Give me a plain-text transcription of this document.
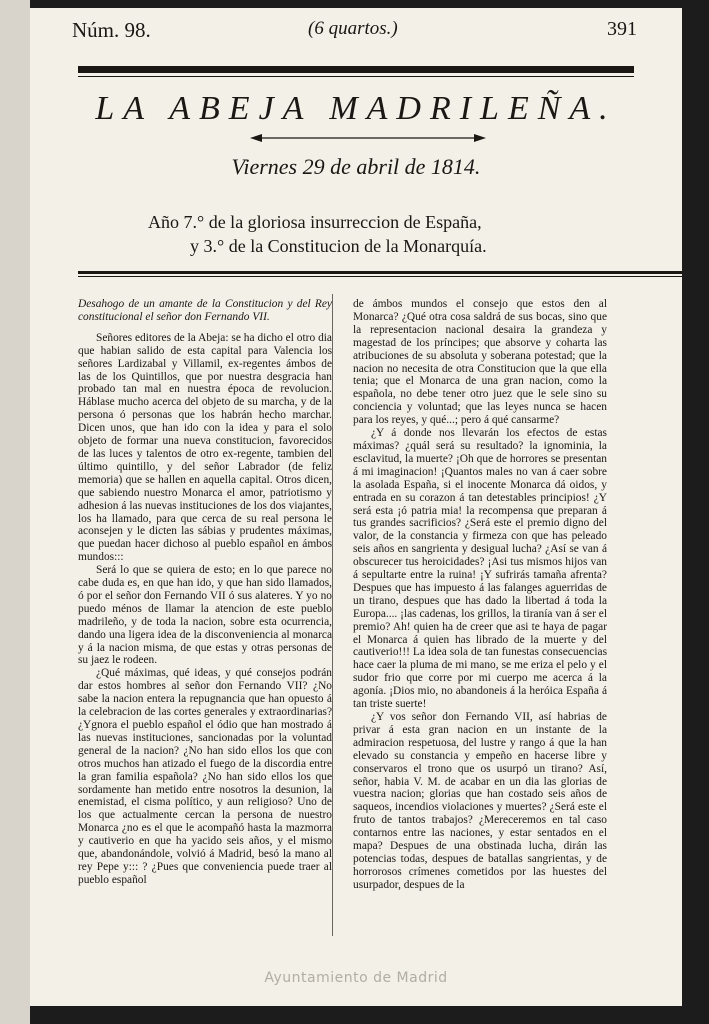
Núm. 98.	(6 quartos.)	391
LA ABEJA MADRILEÑA.
Viernes 29 de abril de 1814.
Año 7.° de la gloriosa insurreccion de España,
y 3.° de la Constitucion de la Monarquía.

Desahogo de un amante de la Constitucion y del Rey constitucional el señor don Fernando VII.

Señores editores de la Abeja: se ha dicho el otro dia que habian salido de esta capital para Valencia los señores Lardizabal y Villamil, ex-regentes ámbos de las de los Quintillos, que por nuestra desgracia han probado tan mal en nuestra época de revolucion. Háblase mucho acerca del objeto de su marcha, y de la persona ó personas que los habrán hecho marchar. Dicen unos, que han ido con la idea y para el solo objeto de formar una nueva constitucion, favorecidos de las luces y talentos de otro ex-regente, tambien del último quintillo, y del señor Labrador (de feliz memoria) que se hallen en aquella capital. Otros dicen, que sabiendo nuestro Monarca el amor, patriotismo y adhesion á las nuevas instituciones de los dos viajantes, los ha llamado, para que cerca de su real persona le aconsejen y le dicten las sábias y prudentes máximas, que puedan hacer dichoso al pueblo español en ámbos mundos:::

Será lo que se quiera de esto; en lo que parece no cabe duda es, en que han ido, y que han sido llamados, ó por el señor don Fernando VII ó sus alateres. Y yo no puedo ménos de llamar la atencion de este pueblo madrileño, y de toda la nacion, sobre esta ocurrencia, dando una ligera idea de la disconveniencia al monarca y á la nacion misma, de que estas y otras personas de su jaez le rodeen.

¿Qué máximas, qué ideas, y qué consejos podrán dar estos hombres al señor don Fernando VII? ¿No sabe la nacion entera la repugnancia que han opuesto á la celebracion de las cortes generales y extraordinarias? ¿Ygnora el pueblo español el ódio que han mostrado á las nuevas instituciones, sancionadas por la voluntad general de la nacion? ¿No han sido ellos los que con otros muchos han atizado el fuego de la discordia entre la gran familia española? ¿No han sido ellos los que sordamente han metido entre nosotros la desunion, la enemistad, el cisma político, y aun religioso? Uno de los que actualmente cercan la persona de nuestro Monarca ¿no es el que le acompañó hasta la mazmorra y cautiverio en que ha yacido seis años, y el mismo que, abandonándole, volvió á Madrid, besó la mano al rey Pepe y::: ? ¿Pues que conveniencia puede traer al pueblo español

de ámbos mundos el consejo que estos den al Monarca? ¿Qué otra cosa saldrá de sus bocas, sino que la representacion nacional desaira la grandeza y magestad de los príncipes; que absorve y coharta las atribuciones de su absoluta y soberana potestad; que la nacion no necesita de otra Constitucion que la que ella tenia; que el Monarca de una gran nacion, como la española, no debe tener otro juez que le sele sino su conciencia y voluntad; que las leyes nunca se hacen para los reyes, y qué...; pero á qué cansarme?

¿Y á donde nos llevarán los efectos de estas máximas? ¿quál será su resultado? la ignominia, la esclavitud, la muerte? ¡Oh que de horrores se presentan á mi imaginacion! ¡Quantos males no van á caer sobre la asolada España, si el inocente Monarca dá oidos, y entrada en su corazon á tan detestables principios! ¿Y será esta ¡ó patria mia! la recompensa que preparan á tus grandes sacrificios? ¿Será este el premio digno del valor, de la constancia y firmeza con que has peleado seis años en sangrienta y desigual lucha? ¿Así se van á obscurecer tus heroicidades? ¡Asi tus mismos hijos van á sepultarte entre la ruina! ¡Y sufrirás tamaña afrenta? Despues que has impuesto á las falanges aguerridas de un tirano, despues que has dado la libertad á toda la Europa.... ¡las cadenas, los grillos, la tiranía van á ser el premio? Ah! quien ha de creer que asi te haya de pagar el Monarca á quien has librado de la muerte y del cautiverio!!! La idea sola de tan funestas consecuencias hace caer la pluma de mi mano, se me eriza el pelo y el sudor frio que corre por mi cuerpo me acerca á la agonía. ¡Dios mio, no abandoneis á la heróica España á tan triste suerte!

¿Y vos señor don Fernando VII, así habrias de privar á esta gran nacion en un instante de la admiracion respetuosa, del lustre y rango á que la han elevado su constancia y empeño en hacerse libre y conservaros el trono que os usurpó un tirano? Así, señor, habia V. M. de acabar en un dia las glorias de vuestra nacion; glorias que han costado seis años de saqueos, incendios violaciones y muertes? ¿Será este el fruto de tantos trabajos? ¿Mereceremos en tal caso contarnos entre las naciones, y estar sentados en el mapa? Despues de una obstinada lucha, dirán las potencias todas, despues de batallas sangrientas, y de horrorosos crímenes cometidos por las huestes del usurpador, despues de la

Ayuntamiento de Madrid
